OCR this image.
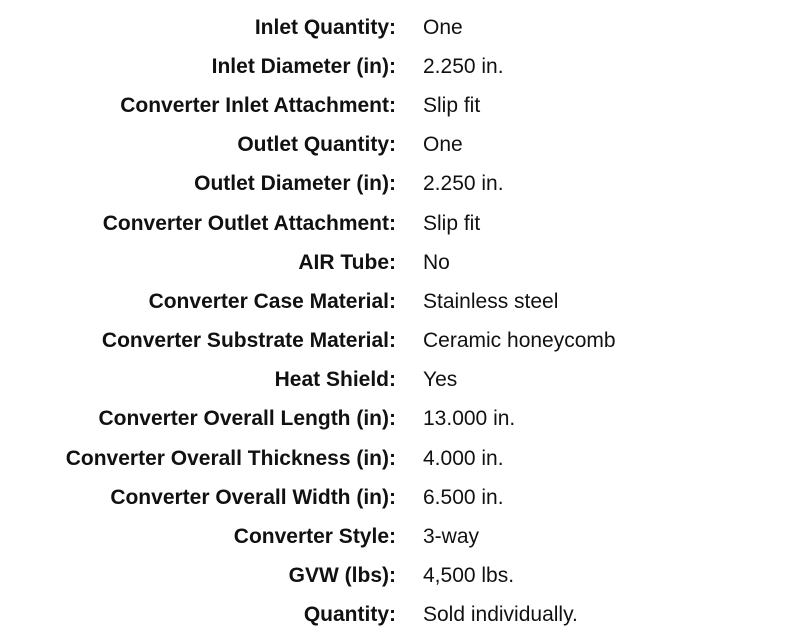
Inlet Quantity: One
Inlet Diameter (in): 2.250 in.
Converter Inlet Attachment: Slip fit
Outlet Quantity: One
Outlet Diameter (in): 2.250 in.
Converter Outlet Attachment: Slip fit
AIR Tube: No
Converter Case Material: Stainless steel
Converter Substrate Material: Ceramic honeycomb
Heat Shield: Yes
Converter Overall Length (in): 13.000 in.
Converter Overall Thickness (in): 4.000 in.
Converter Overall Width (in): 6.500 in.
Converter Style: 3-way
GVW (lbs): 4,500 lbs.
Quantity: Sold individually.
